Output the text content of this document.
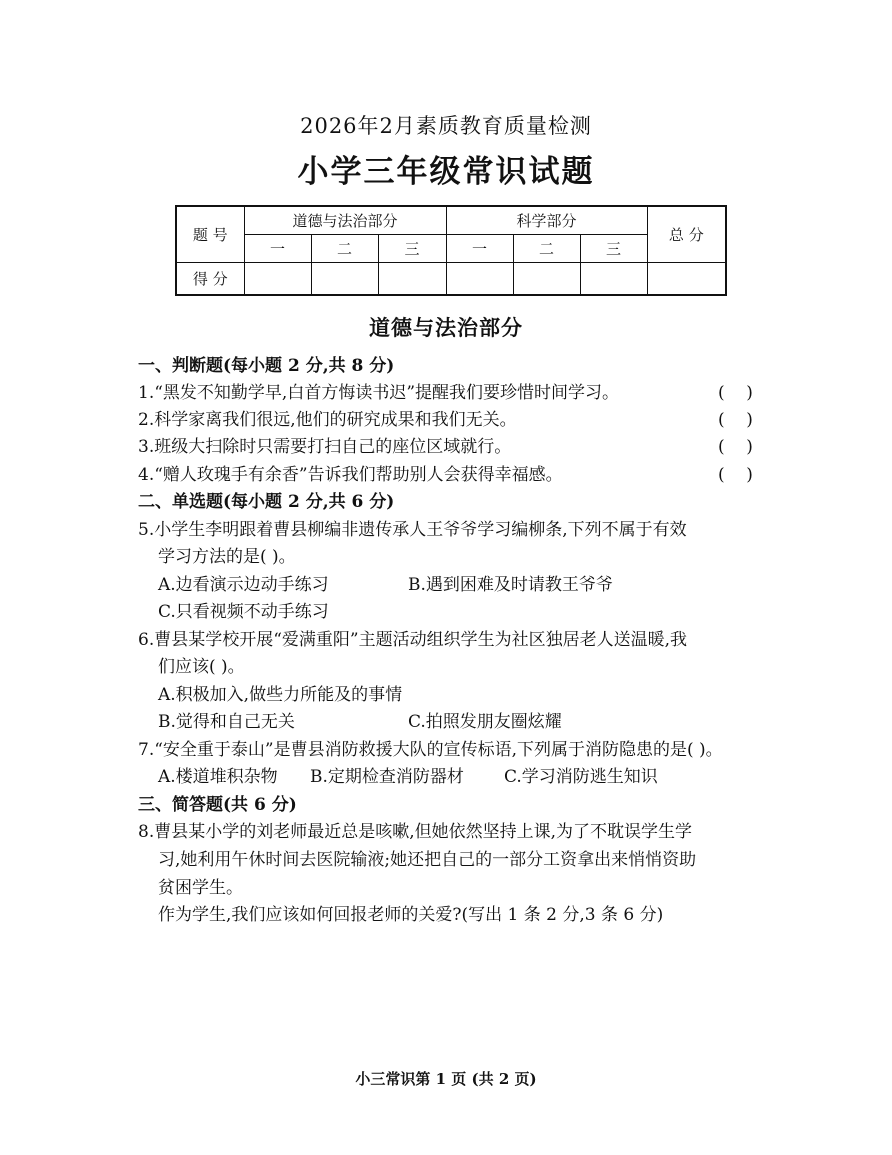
2026年2月素质教育质量检测
小学三年级常识试题
题 号	道德与法治部分			科学部分			总 分
	一	二	三	一	二	三	
得 分							
道德与法治部分
一、判断题(每小题 2 分,共 8 分)
1.“黑发不知勤学早,白首方悔读书迟”提醒我们要珍惜时间学习。	(    )
2.科学家离我们很远,他们的研究成果和我们无关。	(    )
3.班级大扫除时只需要打扫自己的座位区域就行。	(    )
4.“赠人玫瑰手有余香”告诉我们帮助别人会获得幸福感。	(    )
二、单选题(每小题 2 分,共 6 分)
5.小学生李明跟着曹县柳编非遗传承人王爷爷学习编柳条,下列不属于有效
学习方法的是( )。
A.边看演示边动手练习	B.遇到困难及时请教王爷爷
C.只看视频不动手练习
6.曹县某学校开展“爱满重阳”主题活动组织学生为社区独居老人送温暖,我
们应该( )。
A.积极加入,做些力所能及的事情
B.觉得和自己无关	C.拍照发朋友圈炫耀
7.“安全重于泰山”是曹县消防救援大队的宣传标语,下列属于消防隐患的是( )。
A.楼道堆积杂物 B.定期检查消防器材 C.学习消防逃生知识
三、简答题(共 6 分)
8.曹县某小学的刘老师最近总是咳嗽,但她依然坚持上课,为了不耽误学生学
习,她利用午休时间去医院输液;她还把自己的一部分工资拿出来悄悄资助
贫困学生。
作为学生,我们应该如何回报老师的关爱?(写出 1 条 2 分,3 条 6 分)
小三常识第 1 页 (共 2 页)
